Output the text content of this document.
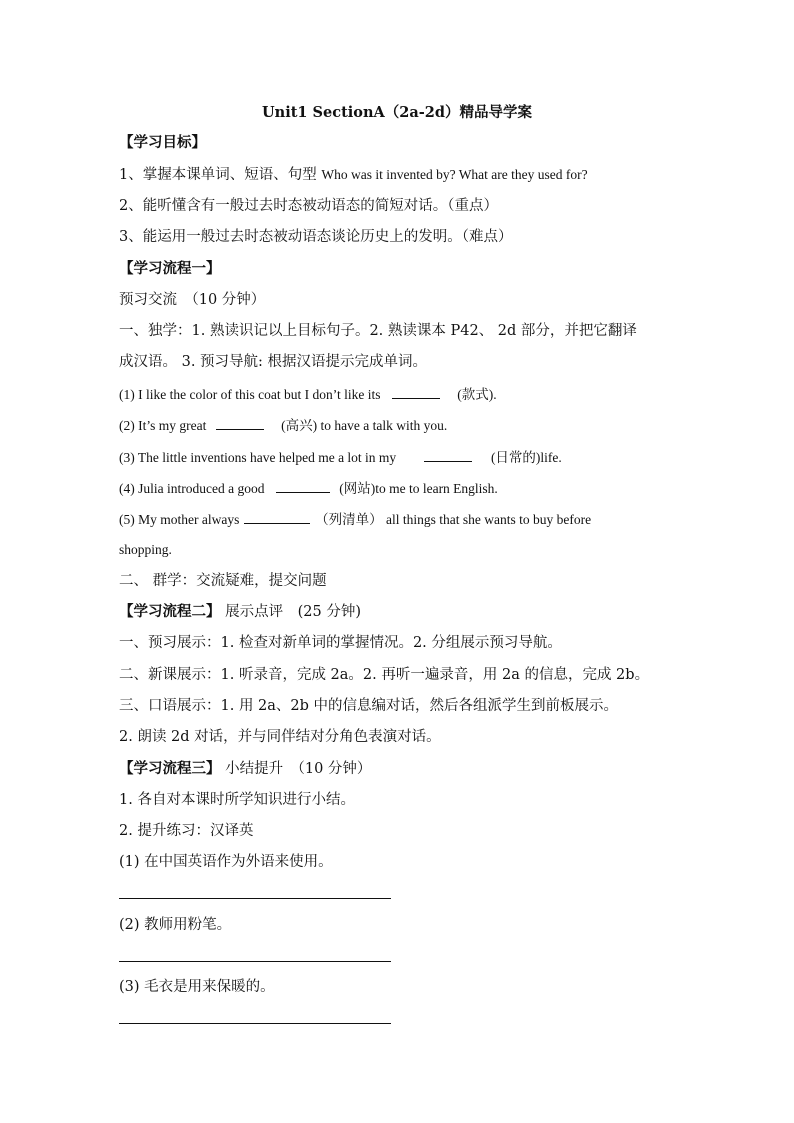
Unit1 SectionA（2a-2d）精品导学案
【学习目标】
1、掌握本课单词、短语、句型 Who was it invented by? What are they used for?
2、能听懂含有一般过去时态被动语态的简短对话。（重点）
3、能运用一般过去时态被动语态谈论历史上的发明。（难点）
【学习流程一】
预习交流　（10 分钟）
一、独学：1. 熟读识记以上目标句子。2. 熟读课本 P42、 2d 部分，并把它翻译
成汉语。 3. 预习导航: 根据汉语提示完成单词。
(1) I like the color of this coat but I don’t like its	(款式).
(2) It’s my great	(高兴) to have a talk with you.
(3) The little inventions have helped me a lot in my	(日常的)life.
(4) Julia introduced a good	(网站)to me to learn English.
(5) My mother always	（列清单） all things that she wants to buy before
shopping.
二、 群学：交流疑难，提交问题
【学习流程二】 展示点评　(25 分钟)
一、预习展示：1. 检查对新单词的掌握情况。2. 分组展示预习导航。
二、新课展示：1. 听录音，完成 2a。2. 再听一遍录音，用 2a 的信息，完成 2b。
三、口语展示：1. 用 2a、2b 中的信息编对话，然后各组派学生到前板展示。
2. 朗读 2d 对话，并与同伴结对分角色表演对话。
【学习流程三】 小结提升　（10 分钟）
1. 各自对本课时所学知识进行小结。
2. 提升练习：汉译英
(1) 在中国英语作为外语来使用。
(2) 教师用粉笔。
(3) 毛衣是用来保暖的。
